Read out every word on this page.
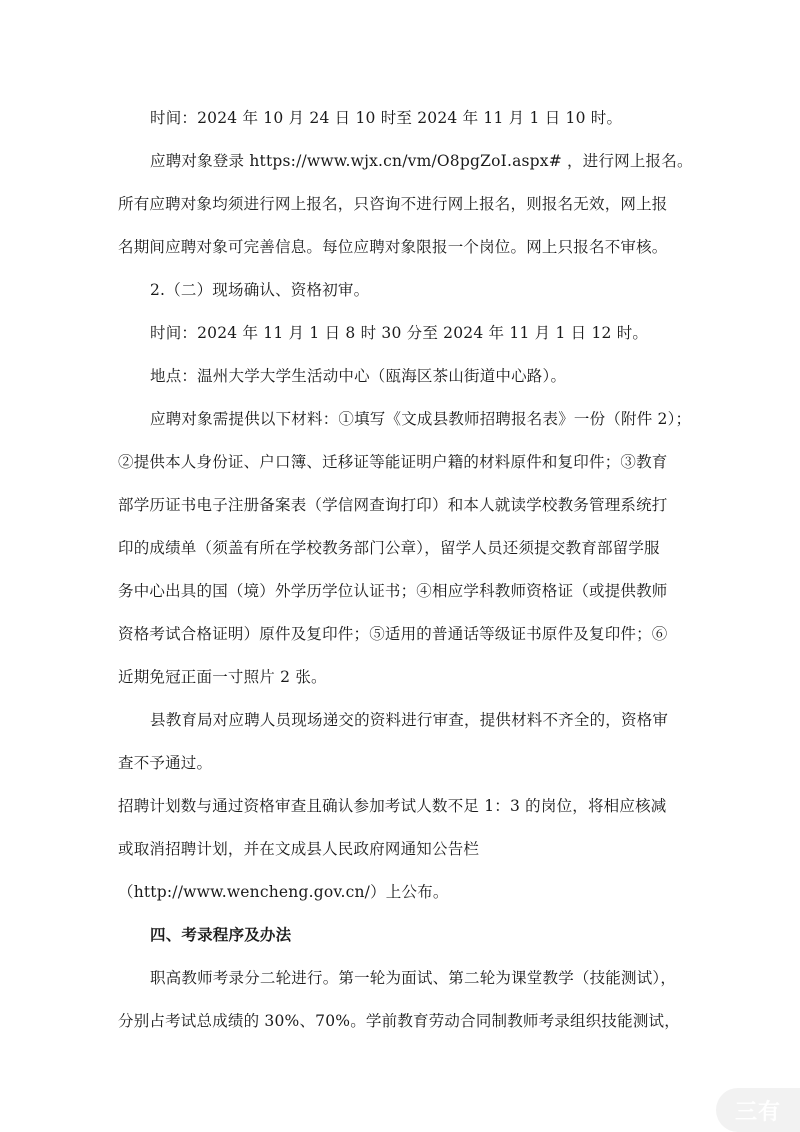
时间：2024 年 10 月 24 日 10 时至 2024 年 11 月 1 日 10 时。
应聘对象登录 https://www.wjx.cn/vm/O8pgZoI.aspx# ，进行网上报名。
所有应聘对象均须进行网上报名，只咨询不进行网上报名，则报名无效，网上报
名期间应聘对象可完善信息。每位应聘对象限报一个岗位。网上只报名不审核。
2.（二）现场确认、资格初审。
时间：2024 年 11 月 1 日 8 时 30 分至 2024 年 11 月 1 日 12 时。
地点：温州大学大学生活动中心（瓯海区茶山街道中心路）。
应聘对象需提供以下材料：①填写《文成县教师招聘报名表》一份（附件 2）；
②提供本人身份证、户口簿、迁移证等能证明户籍的材料原件和复印件；③教育
部学历证书电子注册备案表（学信网查询打印）和本人就读学校教务管理系统打
印的成绩单（须盖有所在学校教务部门公章），留学人员还须提交教育部留学服
务中心出具的国（境）外学历学位认证书；④相应学科教师资格证（或提供教师
资格考试合格证明）原件及复印件；⑤适用的普通话等级证书原件及复印件；⑥
近期免冠正面一寸照片 2 张。
县教育局对应聘人员现场递交的资料进行审查，提供材料不齐全的，资格审
查不予通过。
招聘计划数与通过资格审查且确认参加考试人数不足 1：3 的岗位，将相应核减
或取消招聘计划，并在文成县人民政府网通知公告栏
（http://www.wencheng.gov.cn/）上公布。
四、考录程序及办法
职高教师考录分二轮进行。第一轮为面试、第二轮为课堂教学（技能测试），
分别占考试总成绩的 30%、70%。学前教育劳动合同制教师考录组织技能测试，
三有
